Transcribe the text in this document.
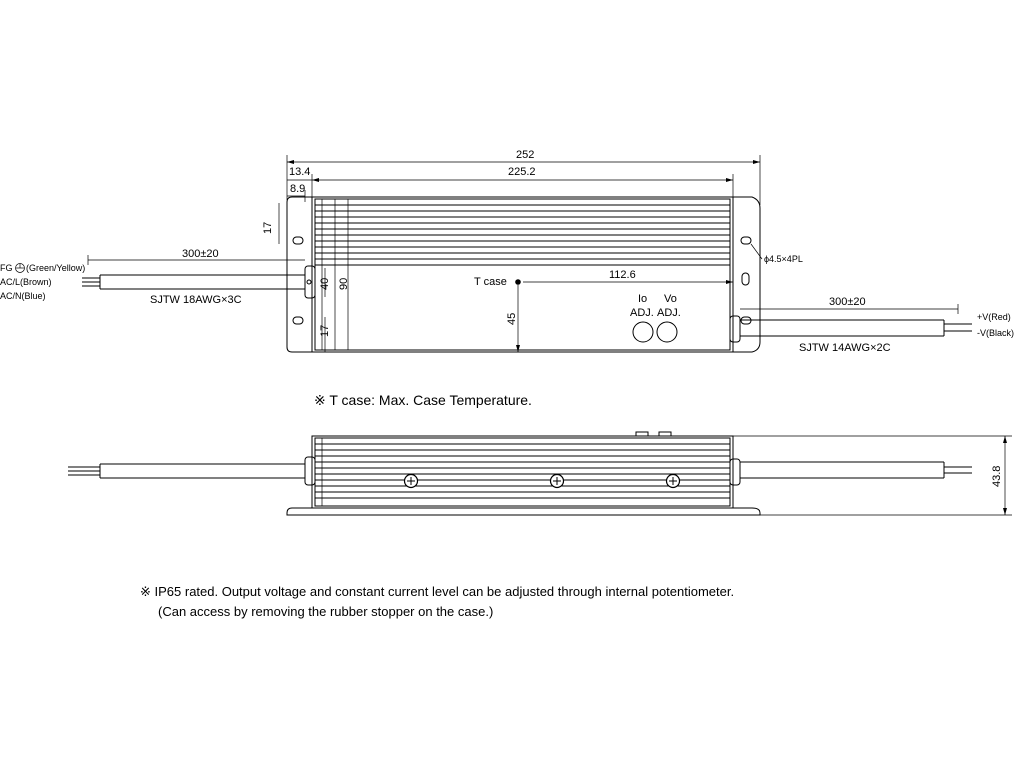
252
13.4	225.2
8.9
300±20
FG (Green/Yellow)
AC/L(Brown)
AC/N(Blue)	SJTW 18AWG×3C
17
17
40 90	T case
112.6
45
ϕ4.5×4PL
Io
ADJ.
Vo
ADJ.
300±20
+V(Red)
-V(Black)
SJTW 14AWG×2C
43.8
※ T case: Max. Case Temperature.
※ IP65 rated. Output voltage and constant current level can be adjusted through internal potentiometer.
(Can access by removing the rubber stopper on the case.)
